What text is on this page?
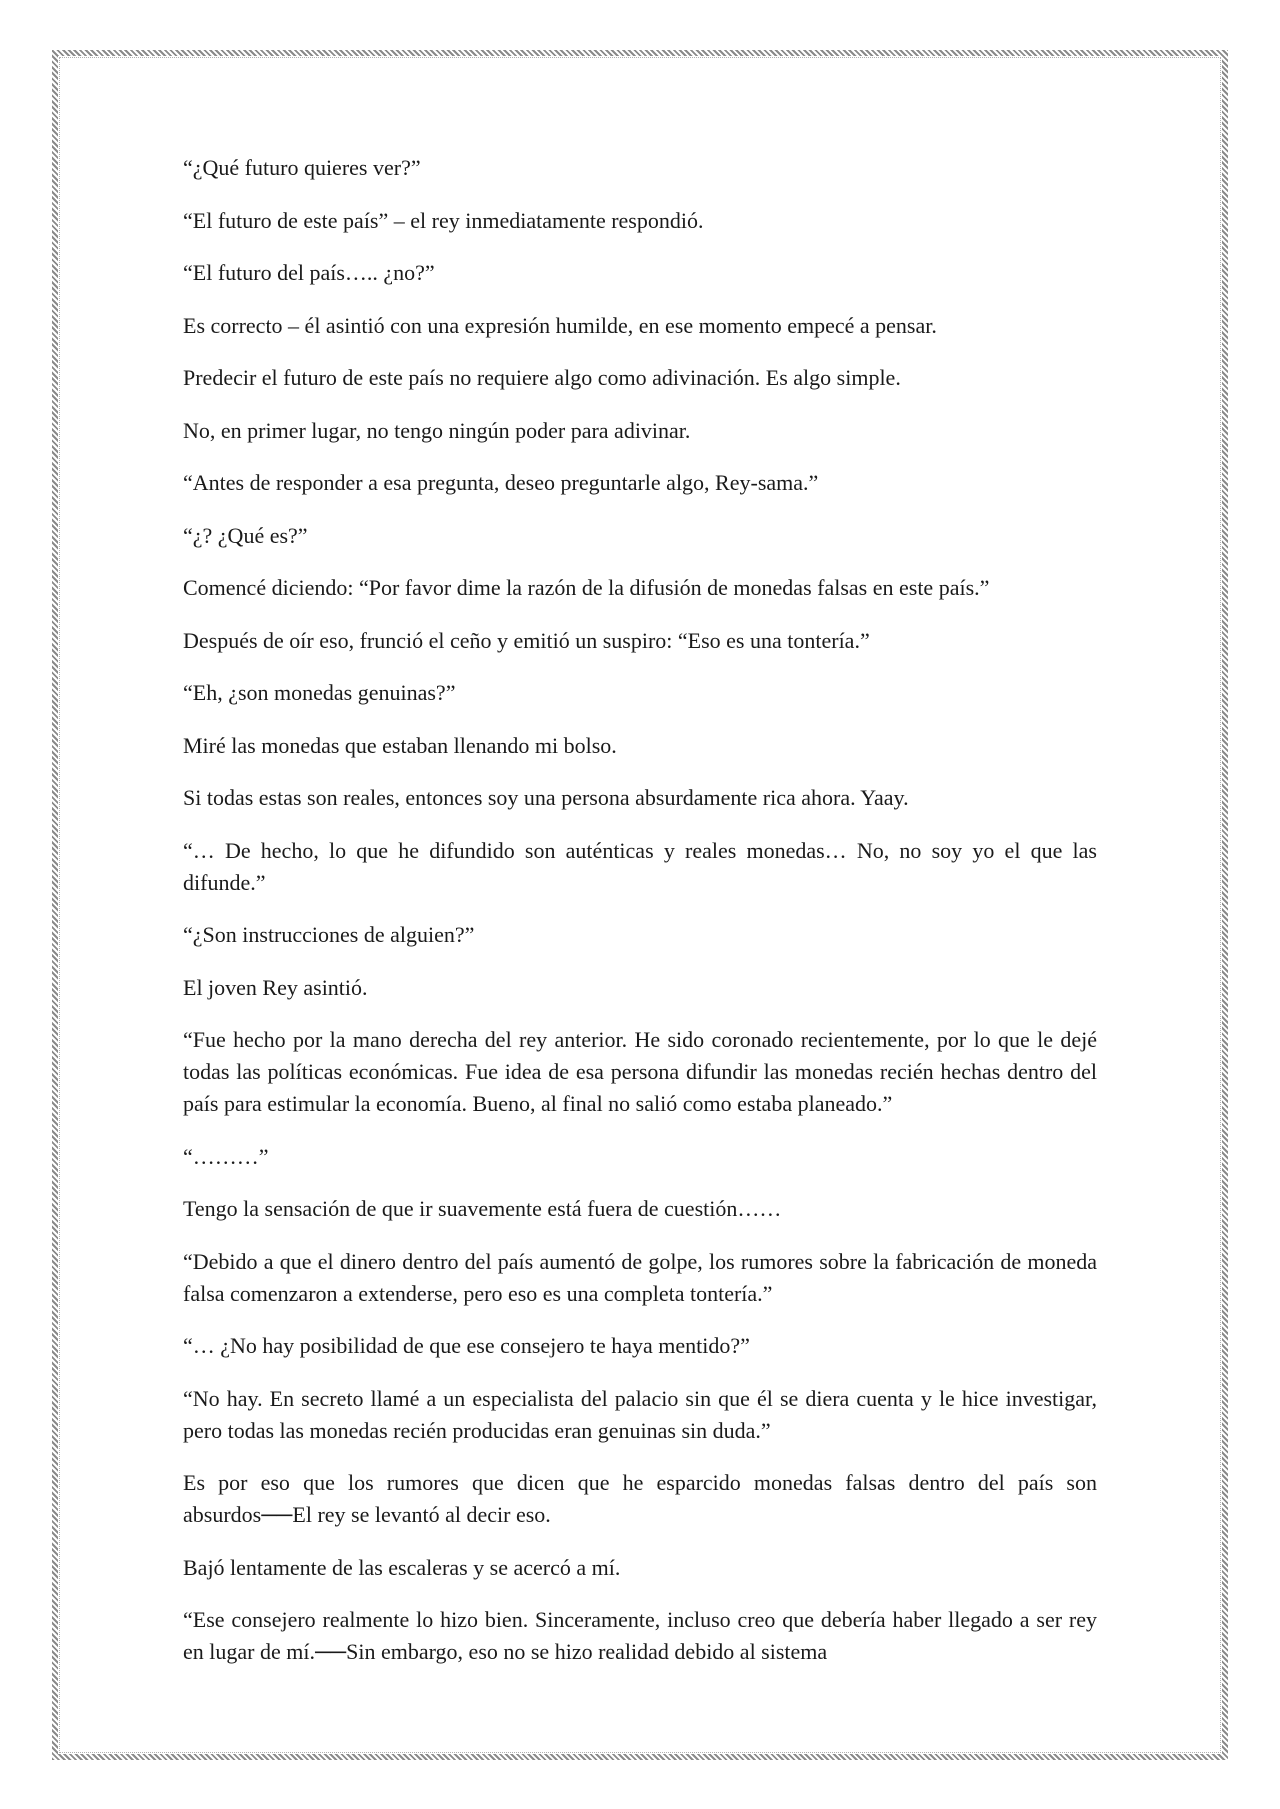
“¿Qué futuro quieres ver?”

“El futuro de este país” – el rey inmediatamente respondió.

“El futuro del país….. ¿no?”

Es correcto – él asintió con una expresión humilde, en ese momento empecé a pensar.

Predecir el futuro de este país no requiere algo como adivinación. Es algo simple.

No, en primer lugar, no tengo ningún poder para adivinar.

“Antes de responder a esa pregunta, deseo preguntarle algo, Rey-sama.”

“¿? ¿Qué es?”

Comencé diciendo: “Por favor dime la razón de la difusión de monedas falsas en este país.”

Después de oír eso, frunció el ceño y emitió un suspiro: “Eso es una tontería.”

“Eh, ¿son monedas genuinas?”

Miré las monedas que estaban llenando mi bolso.

Si todas estas son reales, entonces soy una persona absurdamente rica ahora. Yaay.

“… De hecho, lo que he difundido son auténticas y reales monedas… No, no soy yo el que las difunde.”

“¿Son instrucciones de alguien?”

El joven Rey asintió.

“Fue hecho por la mano derecha del rey anterior. He sido coronado recientemente, por lo que le dejé todas las políticas económicas. Fue idea de esa persona difundir las monedas recién hechas dentro del país para estimular la economía. Bueno, al final no salió como estaba planeado.”

“………”

Tengo la sensación de que ir suavemente está fuera de cuestión……

“Debido a que el dinero dentro del país aumentó de golpe, los rumores sobre la fabricación de moneda falsa comenzaron a extenderse, pero eso es una completa tontería.”

“… ¿No hay posibilidad de que ese consejero te haya mentido?”

“No hay. En secreto llamé a un especialista del palacio sin que él se diera cuenta y le hice investigar, pero todas las monedas recién producidas eran genuinas sin duda.”

Es por eso que los rumores que dicen que he esparcido monedas falsas dentro del país son absurdos──El rey se levantó al decir eso.

Bajó lentamente de las escaleras y se acercó a mí.

“Ese consejero realmente lo hizo bien. Sinceramente, incluso creo que debería haber llegado a ser rey en lugar de mí.──Sin embargo, eso no se hizo realidad debido al sistema
